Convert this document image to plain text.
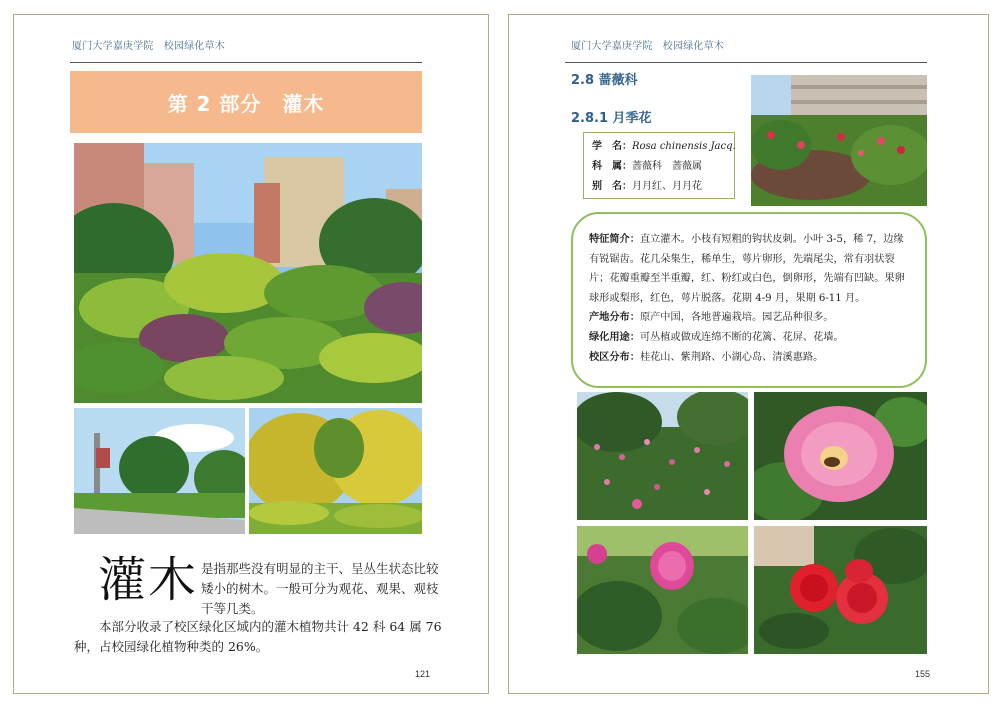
厦门大学嘉庚学院　校园绿化草木
第 2 部分　灌木
灌木 是指那些没有明显的主干、呈丛生状态比较矮小的树木。一般可分为观花、观果、观枝干等几类。
本部分收录了校区绿化区域内的灌木植物共计 42 科 64 属 76 种，占校园绿化植物种类的 26%。
121
厦门大学嘉庚学院　校园绿化草木
2.8 蔷薇科
2.8.1 月季花
学　名：Rosa chinensis Jacq.
科　属：蔷薇科　蔷薇属
别　名：月月红、月月花
特征简介：直立灌木。小枝有短粗的钩状皮刺。小叶 3-5，稀 7，边缘有锐锯齿。花几朵集生，稀单生，萼片卵形，先端尾尖，常有羽状裂片；花瓣重瓣至半重瓣，红、粉红或白色，倒卵形，先端有凹缺。果卵球形或梨形，红色，萼片脱落。花期 4-9 月，果期 6-11 月。
产地分布：原产中国，各地普遍栽培。园艺品种很多。
绿化用途：可丛植或做成连绵不断的花篱、花屏、花墙。
校区分布：桂花山、紫荆路、小湖心岛、清溪惠路。
155
